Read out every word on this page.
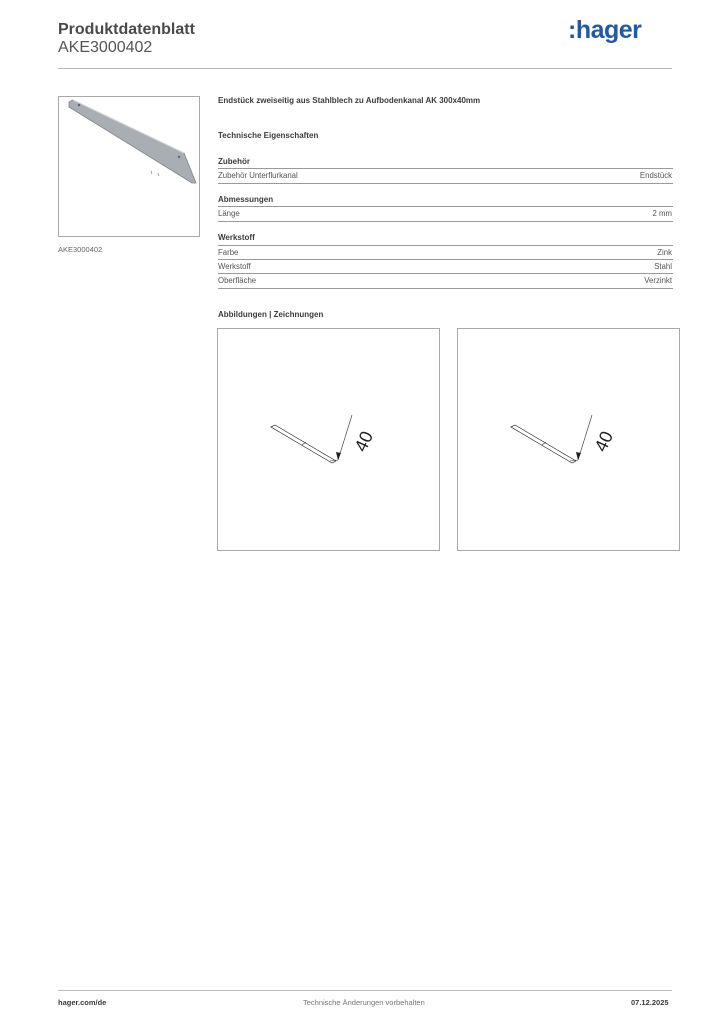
Produktdatenblatt
AKE3000402
:hager
AKE3000402
Endstück zweiseitig aus Stahlblech zu Aufbodenkanal AK 300x40mm
Technische Eigenschaften
Zubehör
Zubehör Unterflurkanal	Endstück
Abmessungen
Länge	2 mm
Werkstoff
Farbe	Zink
Werkstoff	Stahl
Oberfläche	Verzinkt
Abbildungen | Zeichnungen
40	40
hager.com/de	Technische Änderungen vorbehalten	07.12.2025
